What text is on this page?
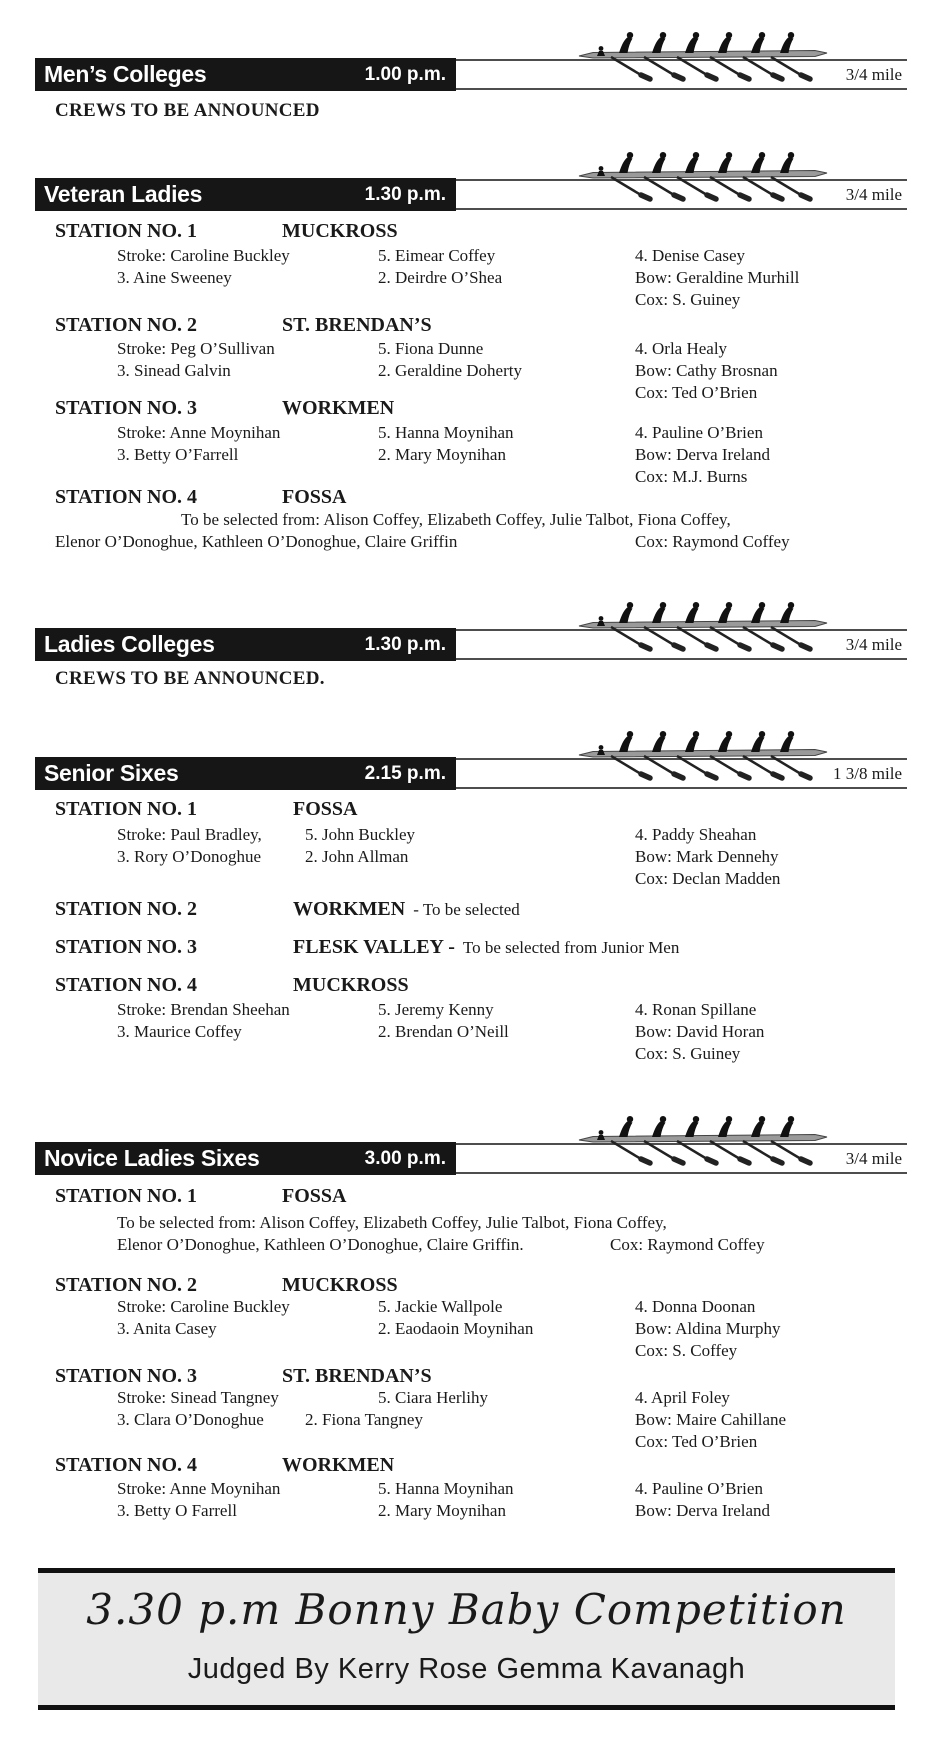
3/4 mile
Men’s Colleges	1.00 p.m.
CREWS TO BE ANNOUNCED
3/4 mile
Veteran Ladies	1.30 p.m.
STATION NO. 1	MUCKROSS
Stroke: Caroline Buckley	5. Eimear Coffey	4. Denise Casey
3. Aine Sweeney	2. Deirdre O’Shea	Bow: Geraldine Murhill
Cox: S. Guiney
STATION NO. 2	ST. BRENDAN’S
Stroke: Peg O’Sullivan	5. Fiona Dunne	4. Orla Healy
3. Sinead Galvin	2. Geraldine Doherty	Bow: Cathy Brosnan
Cox: Ted O’Brien
STATION NO. 3	WORKMEN
Stroke: Anne Moynihan	5. Hanna Moynihan	4. Pauline O’Brien
3. Betty O’Farrell	2. Mary Moynihan	Bow: Derva Ireland
Cox: M.J. Burns
STATION NO. 4	FOSSA
To be selected from: Alison Coffey, Elizabeth Coffey, Julie Talbot, Fiona Coffey,
Elenor O’Donoghue, Kathleen O’Donoghue, Claire Griffin	Cox: Raymond Coffey
3/4 mile
Ladies Colleges	1.30 p.m.
CREWS TO BE ANNOUNCED.
1 3/8 mile
Senior Sixes	2.15 p.m.
STATION NO. 1	FOSSA
Stroke: Paul Bradley,	5. John Buckley	4. Paddy Sheahan
3. Rory O’Donoghue	2. John Allman	Bow: Mark Dennehy
Cox: Declan Madden
STATION NO. 2	WORKMEN - To be selected
STATION NO. 3	FLESK VALLEY - To be selected from Junior Men
STATION NO. 4	MUCKROSS
Stroke: Brendan Sheehan	5. Jeremy Kenny	4. Ronan Spillane
3. Maurice Coffey	2. Brendan O’Neill	Bow: David Horan
Cox: S. Guiney
3/4 mile
Novice Ladies Sixes	3.00 p.m.
STATION NO. 1	FOSSA
To be selected from: Alison Coffey, Elizabeth Coffey, Julie Talbot, Fiona Coffey,
Elenor O’Donoghue, Kathleen O’Donoghue, Claire Griffin.	Cox: Raymond Coffey
STATION NO. 2	MUCKROSS
Stroke: Caroline Buckley	5. Jackie Wallpole	4. Donna Doonan
3. Anita Casey	2. Eaodaoin Moynihan	Bow: Aldina Murphy
Cox: S. Coffey
STATION NO. 3	ST. BRENDAN’S
Stroke: Sinead Tangney	5. Ciara Herlihy	4. April Foley
3. Clara O’Donoghue 2. Fiona Tangney	Bow: Maire Cahillane
Cox: Ted O’Brien
STATION NO. 4	WORKMEN
Stroke: Anne Moynihan	5. Hanna Moynihan	4. Pauline O’Brien
3. Betty O Farrell	2. Mary Moynihan	Bow: Derva Ireland
3.30 p.m Bonny Baby Competition
Judged By Kerry Rose Gemma Kavanagh
